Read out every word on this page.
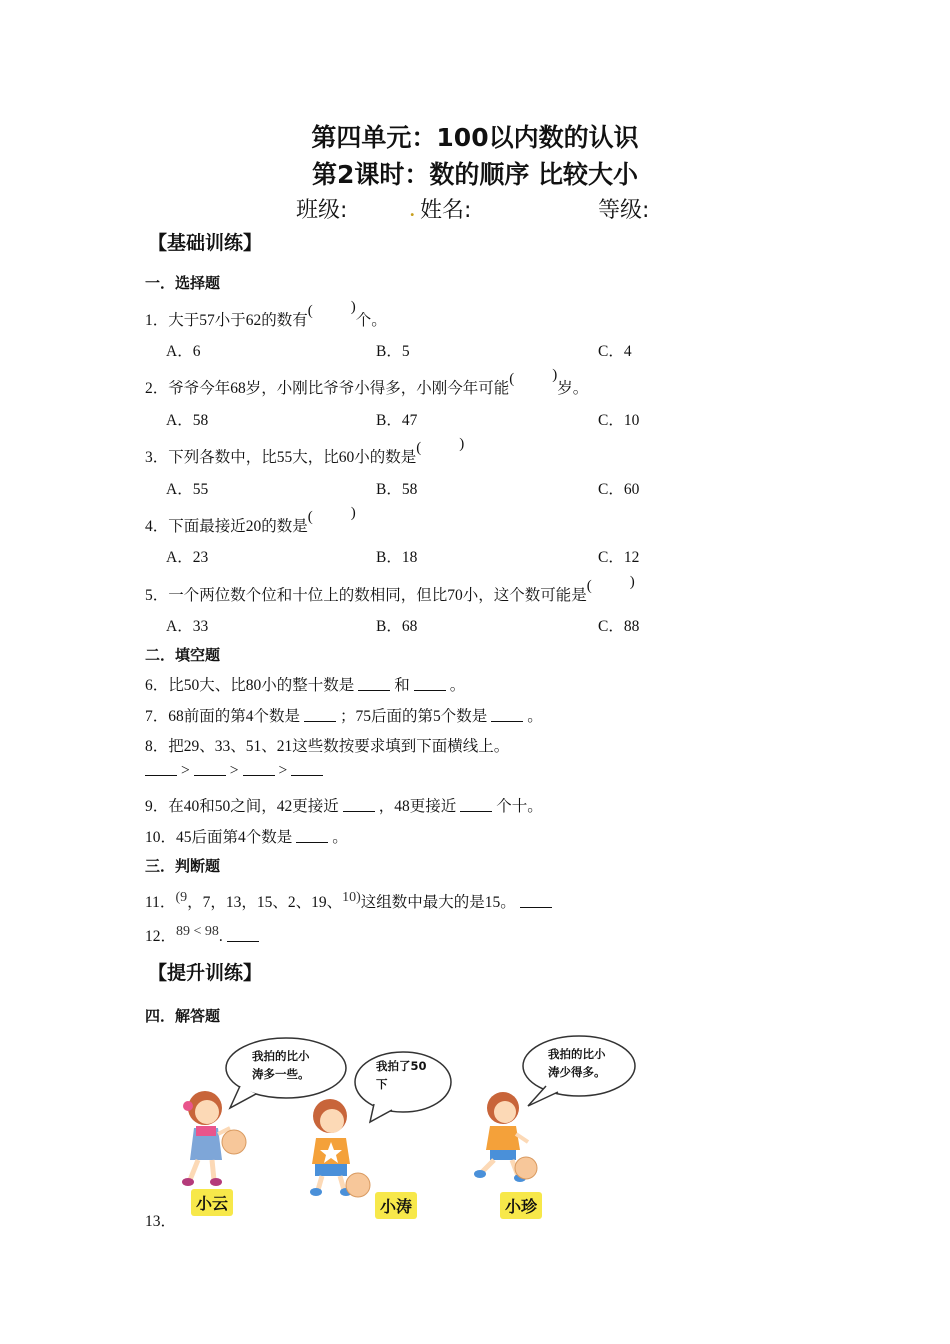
第四单元：100以内数的认识
第2课时：数的顺序 比较大小
班级:	. 姓名:	等级:
【基础训练】
一．选择题
1．大于57小于62的数有 ( )	个。
A．6	B．5	C．4
2．爷爷今年68岁，小刚比爷爷小得多，小刚今年可能 ( )	岁。
A．58	B．47	C．10
3．下列各数中，比55大，比60小的数是( )
A．55	B．58	C．60
4．下面最接近20的数是( )
A．23	B．18	C．12
5．一个两位数个位和十位上的数相同，但比70小，这个数可能是( )
A．33	B．68	C．88
二．填空题
6．比50大、比80小的整十数是	和	。
7．68前面的第4个数是	；75后面的第5个数是	。
8．把29、33、51、21这些数按要求填到下面横线上。
>	>	>
9．在40和50之间，42更接近	，48更接近	个十。
10．45后面第4个数是	。
三．判断题
11．(9，7，13，15、2、19、10)这组数中最大的是15。
12．89 < 98.
【提升训练】
四．解答题
我拍的比小
涛多一些。
我拍了50
下
我拍的比小
涛少得多。
小云	小涛	小珍
13．
